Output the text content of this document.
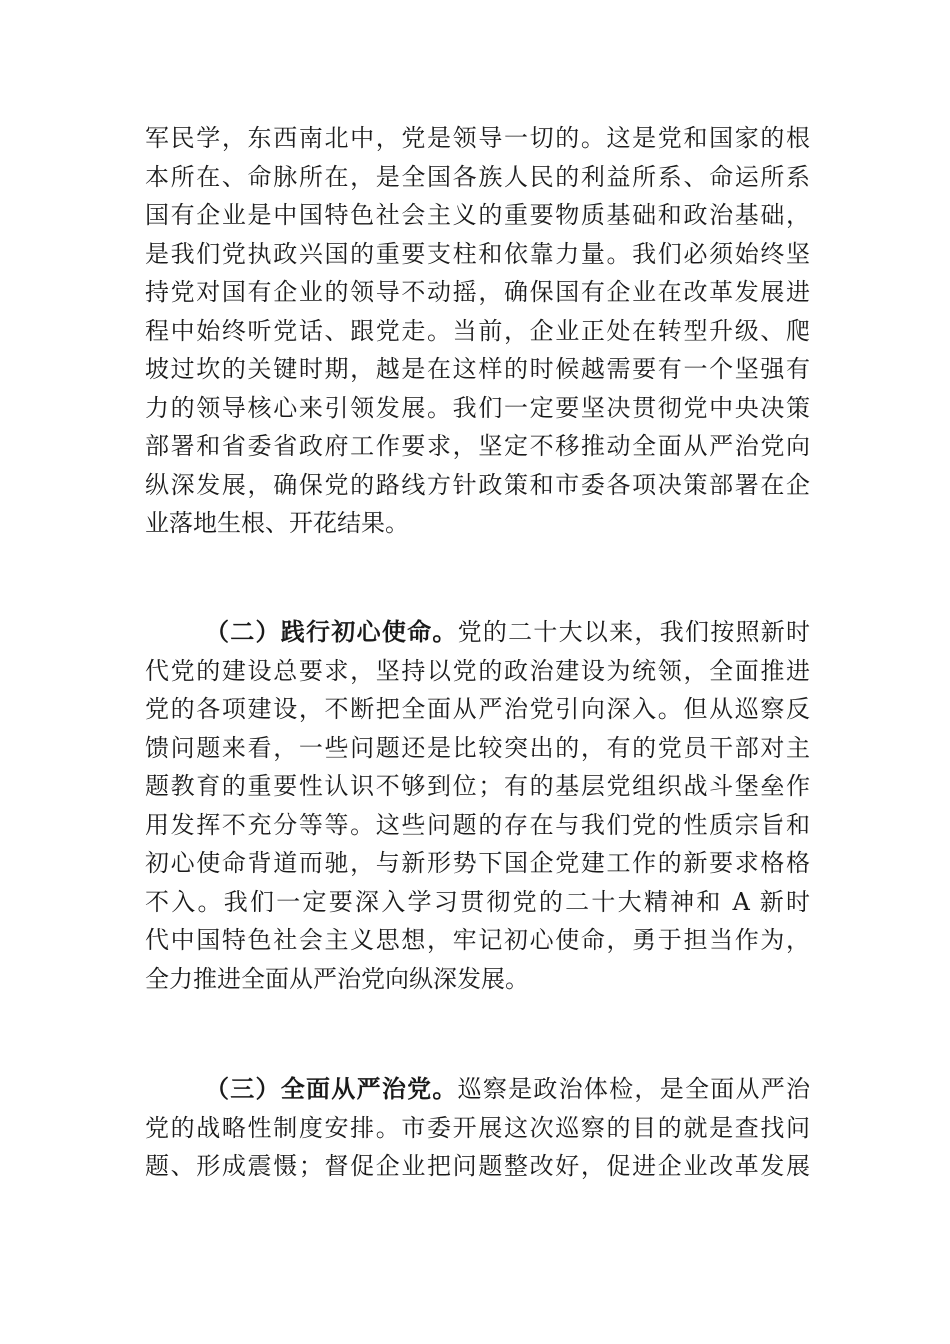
军民学，东西南北中，党是领导一切的。这是党和国家的根
本所在、命脉所在，是全国各族人民的利益所系、命运所系
国有企业是中国特色社会主义的重要物质基础和政治基础，
是我们党执政兴国的重要支柱和依靠力量。我们必须始终坚
持党对国有企业的领导不动摇，确保国有企业在改革发展进
程中始终听党话、跟党走。当前，企业正处在转型升级、爬
坡过坎的关键时期，越是在这样的时候越需要有一个坚强有
力的领导核心来引领发展。我们一定要坚决贯彻党中央决策
部署和省委省政府工作要求，坚定不移推动全面从严治党向
纵深发展，确保党的路线方针政策和市委各项决策部署在企
业落地生根、开花结果。
（二）践行初心使命。党的二十大以来，我们按照新时
代党的建设总要求，坚持以党的政治建设为统领，全面推进
党的各项建设，不断把全面从严治党引向深入。但从巡察反
馈问题来看，一些问题还是比较突出的，有的党员干部对主
题教育的重要性认识不够到位；有的基层党组织战斗堡垒作
用发挥不充分等等。这些问题的存在与我们党的性质宗旨和
初心使命背道而驰，与新形势下国企党建工作的新要求格格
不入。我们一定要深入学习贯彻党的二十大精神和 A 新时
代中国特色社会主义思想，牢记初心使命，勇于担当作为，
全力推进全面从严治党向纵深发展。
（三）全面从严治党。巡察是政治体检，是全面从严治
党的战略性制度安排。市委开展这次巡察的目的就是查找问
题、形成震慑；督促企业把问题整改好，促进企业改革发展
